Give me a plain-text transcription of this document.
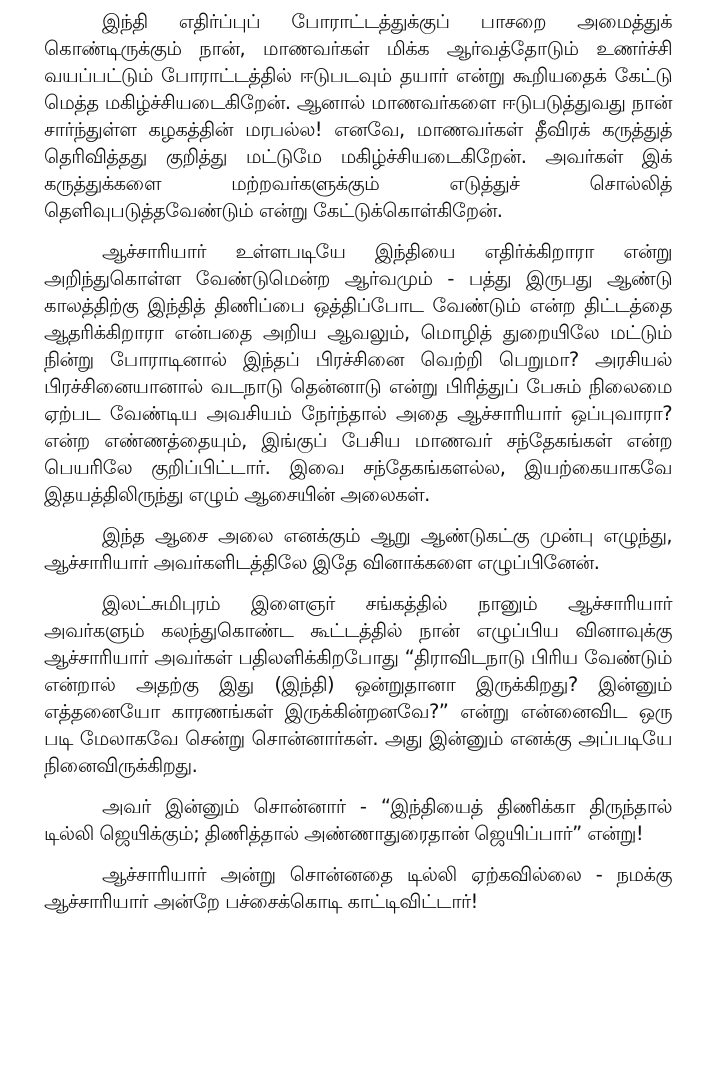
இந்தி எதிர்ப்புப் போராட்டத்துக்குப் பாசறை அமைத்துக் கொண்டிருக்கும் நான், மாணவர்கள் மிக்க ஆர்வத்தோடும் உணர்ச்சி வயப்பட்டும் போராட்டத்தில் ஈடுபடவும் தயார் என்று கூறியதைக் கேட்டு மெத்த மகிழ்ச்சியடைகிறேன். ஆனால் மாணவர்களை ஈடுபடுத்துவது நான் சார்ந்துள்ள கழகத்தின் மரபல்ல! எனவே, மாணவர்கள் தீவிரக் கருத்துத் தெரிவித்தது குறித்து மட்டுமே மகிழ்ச்சியடைகிறேன். அவர்கள் இக் கருத்துக்களை மற்றவர்களுக்கும் எடுத்துச் சொல்லித் தெளிவுபடுத்தவேண்டும் என்று கேட்டுக்கொள்கிறேன்.

ஆச்சாரியார் உள்ளபடியே இந்தியை எதிர்க்கிறாரா என்று அறிந்துகொள்ள வேண்டுமென்ற ஆர்வமும் - பத்து இருபது ஆண்டு காலத்திற்கு இந்தித் திணிப்பை ஒத்திப்போட வேண்டும் என்ற திட்டத்தை ஆதரிக்கிறாரா என்பதை அறிய ஆவலும், மொழித் துறையிலே மட்டும் நின்று போராடினால் இந்தப் பிரச்சினை வெற்றி பெறுமா? அரசியல் பிரச்சினையானால் வடநாடு தென்னாடு என்று பிரித்துப் பேசும் நிலைமை ஏற்பட வேண்டிய அவசியம் நேர்ந்தால் அதை ஆச்சாரியார் ஒப்புவாரா? என்ற எண்ணத்தையும், இங்குப் பேசிய மாணவர் சந்தேகங்கள் என்ற பெயரிலே குறிப்பிட்டார். இவை சந்தேகங்களல்ல, இயற்கையாகவே இதயத்திலிருந்து எழும் ஆசையின் அலைகள்.

இந்த ஆசை அலை எனக்கும் ஆறு ஆண்டுகட்கு முன்பு எழுந்து, ஆச்சாரியார் அவர்களிடத்திலே இதே வினாக்களை எழுப்பினேன்.

இலட்சுமிபுரம் இளைஞர் சங்கத்தில் நானும் ஆச்சாரியார் அவர்களும் கலந்துகொண்ட கூட்டத்தில் நான் எழுப்பிய வினாவுக்கு ஆச்சாரியார் அவர்கள் பதிலளிக்கிறபோது “திராவிடநாடு பிரிய வேண்டும் என்றால் அதற்கு இது (இந்தி) ஒன்றுதானா இருக்கிறது? இன்னும் எத்தனையோ காரணங்கள் இருக்கின்றனவே?” என்று என்னைவிட ஒரு படி மேலாகவே சென்று சொன்னார்கள். அது இன்னும் எனக்கு அப்படியே நினைவிருக்கிறது.

அவர் இன்னும் சொன்னார் - “இந்தியைத் திணிக்கா திருந்தால் டில்லி ஜெயிக்கும்; திணித்தால் அண்ணாதுரைதான் ஜெயிப்பார்” என்று!

ஆச்சாரியார் அன்று சொன்னதை டில்லி ஏற்கவில்லை - நமக்கு ஆச்சாரியார் அன்றே பச்சைக்கொடி காட்டிவிட்டார்!
